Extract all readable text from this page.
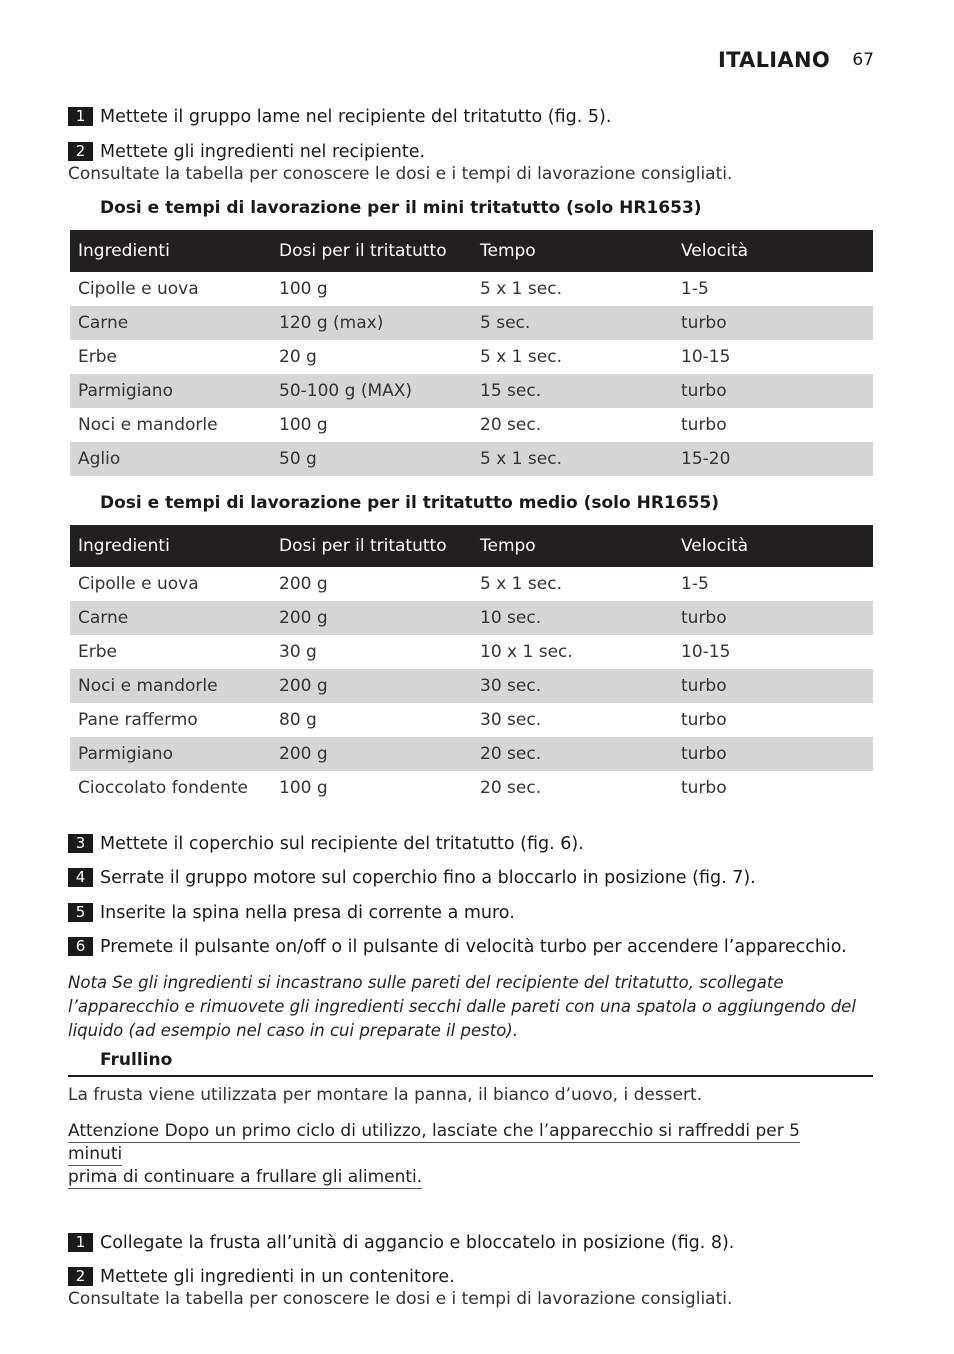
ITALIANO 67
1 Mettete il gruppo lame nel recipiente del tritatutto (fig. 5).
2 Mettete gli ingredienti nel recipiente.
Consultate la tabella per conoscere le dosi e i tempi di lavorazione consigliati.
Dosi e tempi di lavorazione per il mini tritatutto (solo HR1653)
Ingredienti	Dosi per il tritatutto	Tempo	Velocità
Cipolle e uova	100 g	5 x 1 sec.	1-5
Carne	120 g (max)	5 sec.	turbo
Erbe	20 g	5 x 1 sec.	10-15
Parmigiano	50-100 g (MAX)	15 sec.	turbo
Noci e mandorle	100 g	20 sec.	turbo
Aglio	50 g	5 x 1 sec.	15-20
Dosi e tempi di lavorazione per il tritatutto medio (solo HR1655)
Ingredienti	Dosi per il tritatutto	Tempo	Velocità
Cipolle e uova	200 g	5 x 1 sec.	1-5
Carne	200 g	10 sec.	turbo
Erbe	30 g	10 x 1 sec.	10-15
Noci e mandorle	200 g	30 sec.	turbo
Pane raffermo	80 g	30 sec.	turbo
Parmigiano	200 g	20 sec.	turbo
Cioccolato fondente	100 g	20 sec.	turbo
3 Mettete il coperchio sul recipiente del tritatutto (fig. 6).
4 Serrate il gruppo motore sul coperchio fino a bloccarlo in posizione (fig. 7).
5 Inserite la spina nella presa di corrente a muro.
6 Premete il pulsante on/off o il pulsante di velocità turbo per accendere l’apparecchio.
Nota Se gli ingredienti si incastrano sulle pareti del recipiente del tritatutto, scollegate l’apparecchio e rimuovete gli ingredienti secchi dalle pareti con una spatola o aggiungendo del liquido (ad esempio nel caso in cui preparate il pesto).
Frullino
La frusta viene utilizzata per montare la panna, il bianco d’uovo, i dessert.
Attenzione Dopo un primo ciclo di utilizzo, lasciate che l’apparecchio si raffreddi per 5 minuti
prima di continuare a frullare gli alimenti.
1 Collegate la frusta all’unità di aggancio e bloccatelo in posizione (fig. 8).
2 Mettete gli ingredienti in un contenitore.
Consultate la tabella per conoscere le dosi e i tempi di lavorazione consigliati.
